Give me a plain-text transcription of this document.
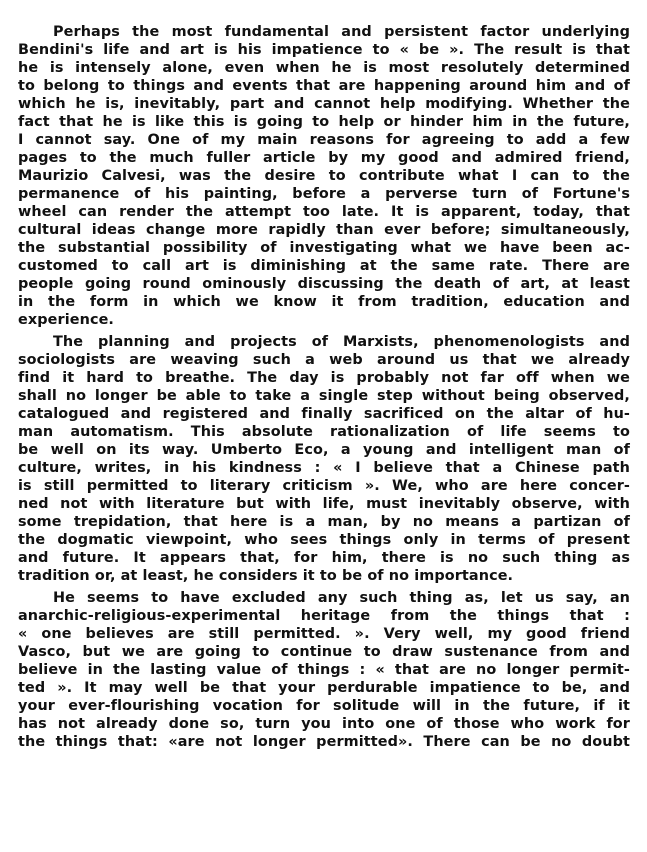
Perhaps the most fundamental and persistent factor underlying
Bendini's life and art is his impatience to « be ». The result is that
he is intensely alone, even when he is most resolutely determined
to belong to things and events that are happening around him and of
which he is, inevitably, part and cannot help modifying. Whether the
fact that he is like this is going to help or hinder him in the future,
I cannot say. One of my main reasons for agreeing to add a few
pages to the much fuller article by my good and admired friend,
Maurizio Calvesi, was the desire to contribute what I can to the
permanence of his painting, before a perverse turn of Fortune's
wheel can render the attempt too late. It is apparent, today, that
cultural ideas change more rapidly than ever before; simultaneously,
the substantial possibility of investigating what we have been ac-
customed to call art is diminishing at the same rate. There are
people going round ominously discussing the death of art, at least
in the form in which we know it from tradition, education and
experience.
The planning and projects of Marxists, phenomenologists and
sociologists are weaving such a web around us that we already
find it hard to breathe. The day is probably not far off when we
shall no longer be able to take a single step without being observed,
catalogued and registered and finally sacrificed on the altar of hu-
man automatism. This absolute rationalization of life seems to
be well on its way. Umberto Eco, a young and intelligent man of
culture, writes, in his kindness : « I believe that a Chinese path
is still permitted to literary criticism ». We, who are here concer-
ned not with literature but with life, must inevitably observe, with
some trepidation, that here is a man, by no means a partizan of
the dogmatic viewpoint, who sees things only in terms of present
and future. It appears that, for him, there is no such thing as
tradition or, at least, he considers it to be of no importance.
He seems to have excluded any such thing as, let us say, an
anarchic-religious-experimental heritage from the things that :
« one believes are still permitted. ». Very well, my good friend
Vasco, but we are going to continue to draw sustenance from and
believe in the lasting value of things : « that are no longer permit-
ted ». It may well be that your perdurable impatience to be, and
your ever-flourishing vocation for solitude will in the future, if it
has not already done so, turn you into one of those who work for
the things that: «are not longer permitted». There can be no doubt
